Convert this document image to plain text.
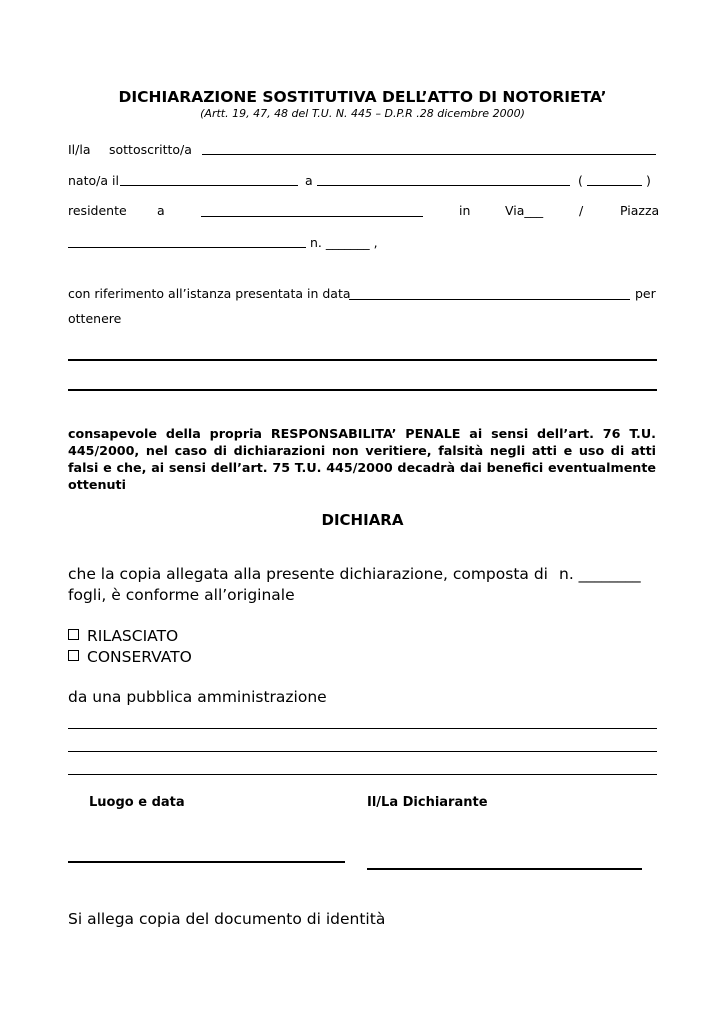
DICHIARAZIONE SOSTITUTIVA DELL’ATTO DI NOTORIETA’
(Artt. 19, 47, 48 del T.U. N. 445 – D.P.R .28 dicembre 2000)
Il/la sottoscritto/a
nato/a il	a	(	)
residente a	in	Via___	/	Piazza
n. _______ ,
con riferimento all’istanza presentata in data	per
ottenere
consapevole della propria RESPONSABILITA’ PENALE ai sensi dell’art. 76 T.U. 445/2000, nel caso di dichiarazioni non veritiere, falsità negli atti e uso di atti falsi e che, ai sensi dell’art. 75 T.U. 445/2000 decadrà dai benefici eventualmente ottenuti
DICHIARA
che la copia allegata alla presente dichiarazione, composta di n. ________
fogli, è conforme all’originale
RILASCIATO
CONSERVATO
da una pubblica amministrazione
Luogo e data	Il/La Dichiarante
Si allega copia del documento di identità
